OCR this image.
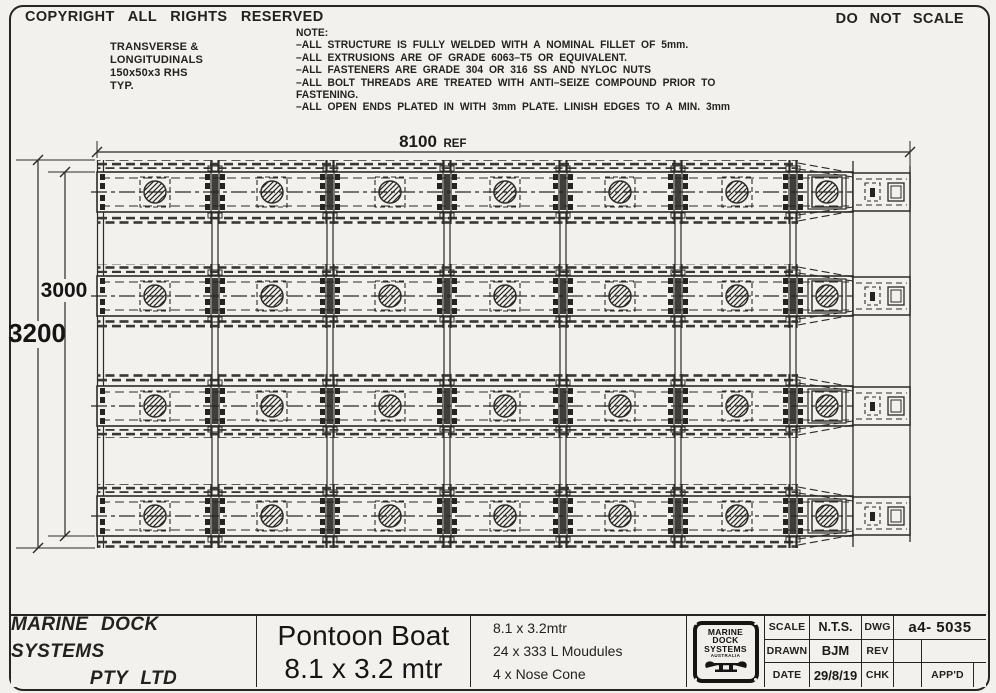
COPYRIGHT ALL RIGHTS RESERVED	DO NOT SCALE
TRANSVERSE &
LONGITUDINALS
150x50x3 RHS
TYP.
NOTE:
–ALL STRUCTURE IS FULLY WELDED WITH A NOMINAL FILLET OF 5mm.
–ALL EXTRUSIONS ARE OF GRADE 6063–T5 OR EQUIVALENT.
–ALL FASTENERS ARE GRADE 304 OR 316 SS AND NYLOC NUTS
–ALL BOLT THREADS ARE TREATED WITH ANTI–SEIZE COMPOUND PRIOR TO FASTENING.
–ALL OPEN ENDS PLATED IN WITH 3mm PLATE. LINISH EDGES TO A MIN. 3mm
8100 REF
3200
3000
MARINE DOCK SYSTEMS
PTY LTD
Pontoon Boat
8.1 x 3.2 mtr
8.1 x 3.2mtr
24 x 333 L Moudules
4 x Nose Cone
MARINE
DOCK
SYSTEMS
AUSTRALIA
SCALE	N.T.S.	DWG	a4- 5035
DRAWN	BJM	REV
DATE 29/8/19 CHK	APP'D
